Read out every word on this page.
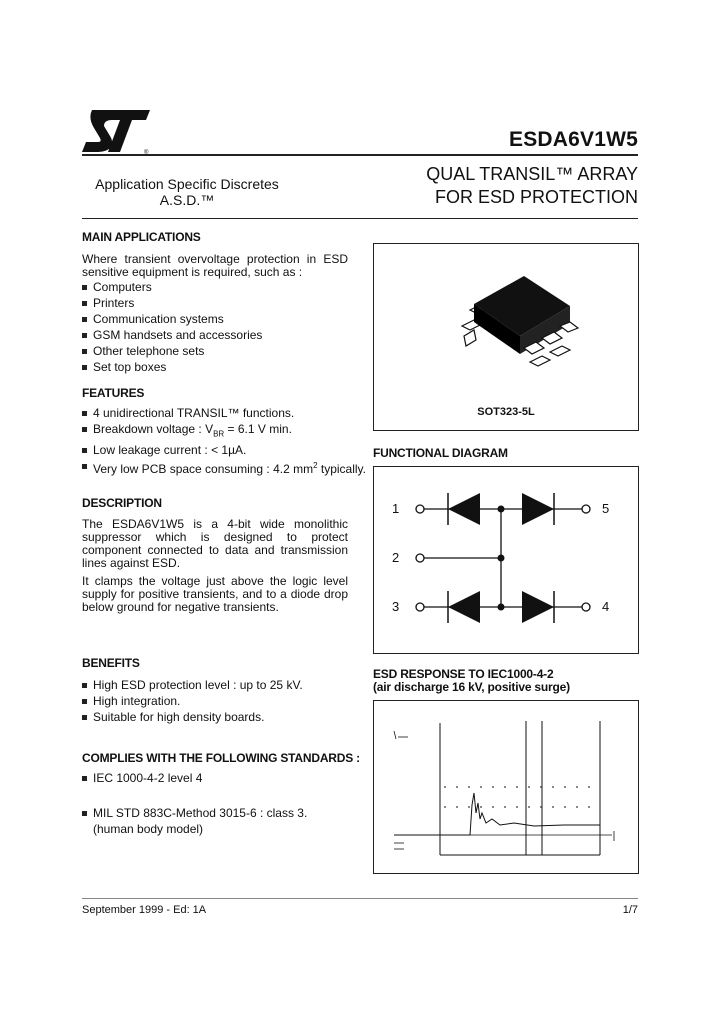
®
ESDA6V1W5
Application Specific Discretes
A.S.D.™
QUAL TRANSIL™ ARRAY
FOR ESD PROTECTION
MAIN APPLICATIONS
Where transient overvoltage protection in ESD sensitive equipment is required, such as :
Computers
Printers
Communication systems
GSM handsets and accessories
Other telephone sets
Set top boxes
FEATURES
4 unidirectional TRANSIL™ functions.
Breakdown voltage : $V_{BR} = 6.1$ V min.
Low leakage current : < 1µA.
Very low PCB space consuming : 4.2 $mm^2$ typically.
DESCRIPTION
The ESDA6V1W5 is a 4-bit wide monolithic suppressor which is designed to protect component connected to data and transmission lines against ESD.
It clamps the voltage just above the logic level supply for positive transients, and to a diode drop below ground for negative transients.
BENEFITS
High ESD protection level : up to 25 kV.
High integration.
Suitable for high density boards.
COMPLIES WITH THE FOLLOWING STANDARDS :
IEC 1000-4-2 level 4
MIL STD 883C-Method 3015-6 : class 3.
(human body model)
SOT323-5L
FUNCTIONAL DIAGRAM
1
2
3	4
5
ESD RESPONSE TO IEC1000-4-2
(air discharge 16 kV, positive surge)
September 1999 - Ed: 1A	1/7
